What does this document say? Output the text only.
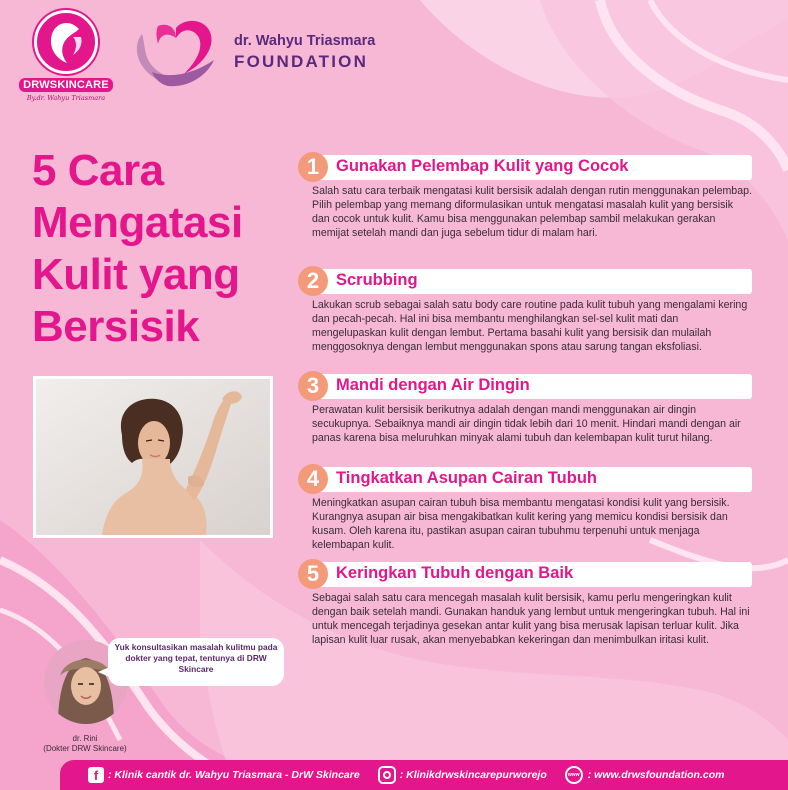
DRWSKINCARE
By.dr. Wahyu Triasmara
dr. Wahyu Triasmara
FOUNDATION
5 Cara
Mengatasi
Kulit yang
Bersisik
1	Gunakan Pelembap Kulit yang Cocok
Salah satu cara terbaik mengatasi kulit bersisik adalah dengan rutin menggunakan pelembap. Pilih pelembap yang memang diformulasikan untuk mengatasi masalah kulit yang bersisik dan cocok untuk kulit. Kamu bisa menggunakan pelembap sambil melakukan gerakan memijat setelah mandi dan juga sebelum tidur di malam hari.
2	Scrubbing
Lakukan scrub sebagai salah satu body care routine pada kulit tubuh yang mengalami kering dan pecah-pecah. Hal ini bisa membantu menghilangkan sel-sel kulit mati dan mengelupaskan kulit dengan lembut. Pertama basahi kulit yang bersisik dan mulailah menggosoknya dengan lembut menggunakan spons atau sarung tangan eksfoliasi.
3	Mandi dengan Air Dingin
Perawatan kulit bersisik berikutnya adalah dengan mandi menggunakan air dingin secukupnya. Sebaiknya mandi air dingin tidak lebih dari 10 menit. Hindari mandi dengan air panas karena bisa meluruhkan minyak alami tubuh dan kelembapan kulit turut hilang.
4	Tingkatkan Asupan Cairan Tubuh
Meningkatkan asupan cairan tubuh bisa membantu mengatasi kondisi kulit yang bersisik. Kurangnya asupan air bisa mengakibatkan kulit kering yang memicu kondisi bersisik dan kusam. Oleh karena itu, pastikan asupan cairan tubuhmu terpenuhi untuk menjaga kelembapan kulit.
5	Keringkan Tubuh dengan Baik
Sebagai salah satu cara mencegah masalah kulit bersisik, kamu perlu mengeringkan kulit dengan baik setelah mandi. Gunakan handuk yang lembut untuk mengeringkan tubuh. Hal ini untuk mencegah terjadinya gesekan antar kulit yang bisa merusak lapisan terluar kulit. Jika lapisan kulit luar rusak, akan menyebabkan kekeringan dan menimbulkan iritasi kulit.
Yuk konsultasikan masalah kulitmu pada dokter yang tepat, tentunya di DRW Skincare
dr. Rini
(Dokter DRW Skincare)
f : Klinik cantik dr. Wahyu Triasmara - DrW Skincare	: Klinikdrwskincarepurworejo	www : www.drwsfoundation.com
